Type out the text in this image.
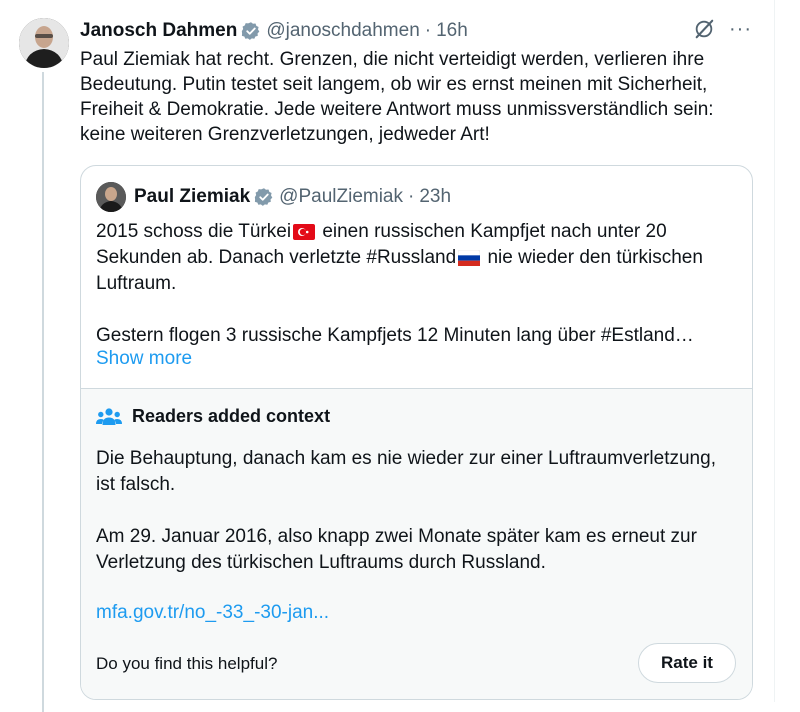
Janosch Dahmen @janoschdahmen · 16h	···

Paul Ziemiak hat recht. Grenzen, die nicht verteidigt werden, verlieren ihre

Bedeutung. Putin testet seit langem, ob wir es ernst meinen mit Sicherheit,

Freiheit & Demokratie. Jede weitere Antwort muss unmissverständlich sein:

keine weiteren Grenzverletzungen, jedweder Art!

Paul Ziemiak @PaulZiemiak · 23h

2015 schoss die Türkei einen russischen Kampfjet nach unter 20

Sekunden ab. Danach verletzte #Russland nie wieder den türkischen

Luftraum.

Gestern flogen 3 russische Kampfjets 12 Minuten lang über #Estland…

Show more
Readers added context

Die Behauptung, danach kam es nie wieder zur einer Luftraumverletzung, ist falsch.

Am 29. Januar 2016, also knapp zwei Monate später kam es erneut zur Verletzung des türkischen Luftraums durch Russland.

mfa.gov.tr/no_-33_-30-jan...
Do you find this helpful?	Rate it
